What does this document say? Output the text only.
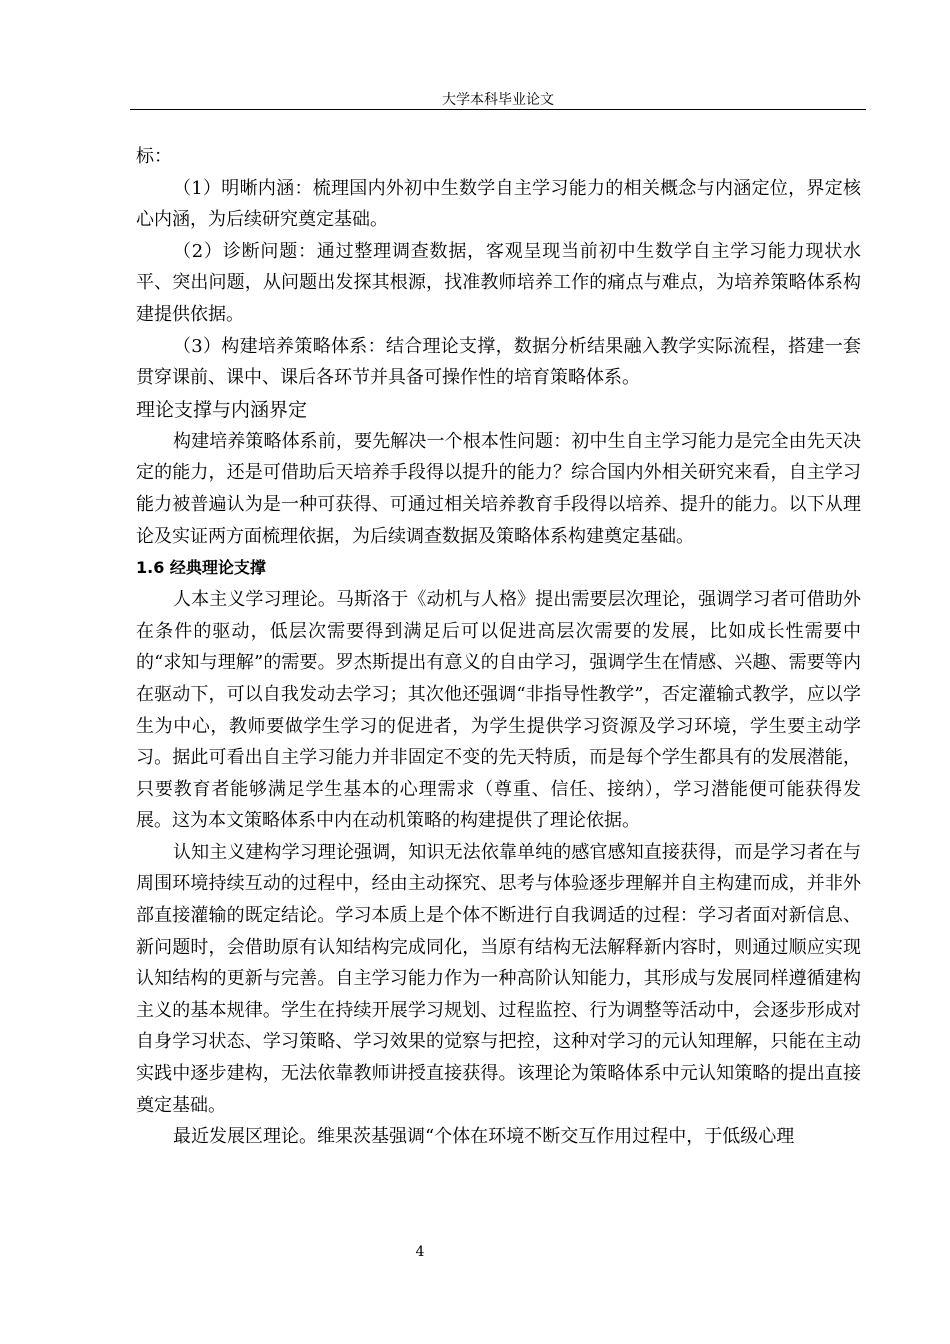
大学本科毕业论文

标：

（1）明晰内涵：梳理国内外初中生数学自主学习能力的相关概念与内涵定位，界定核心内涵，为后续研究奠定基础。

（2）诊断问题：通过整理调查数据，客观呈现当前初中生数学自主学习能力现状水平、突出问题，从问题出发探其根源，找准教师培养工作的痛点与难点，为培养策略体系构建提供依据。

（3）构建培养策略体系：结合理论支撑，数据分析结果融入教学实际流程，搭建一套贯穿课前、课中、课后各环节并具备可操作性的培育策略体系。

理论支撑与内涵界定

构建培养策略体系前，要先解决一个根本性问题：初中生自主学习能力是完全由先天决定的能力，还是可借助后天培养手段得以提升的能力？综合国内外相关研究来看，自主学习能力被普遍认为是一种可获得、可通过相关培养教育手段得以培养、提升的能力。以下从理论及实证两方面梳理依据，为后续调查数据及策略体系构建奠定基础。

1.6 经典理论支撑

人本主义学习理论。马斯洛于《动机与人格》提出需要层次理论，强调学习者可借助外在条件的驱动，低层次需要得到满足后可以促进高层次需要的发展，比如成长性需要中的“求知与理解”的需要。罗杰斯提出有意义的自由学习，强调学生在情感、兴趣、需要等内在驱动下，可以自我发动去学习；其次他还强调“非指导性教学”，否定灌输式教学，应以学生为中心，教师要做学生学习的促进者，为学生提供学习资源及学习环境，学生要主动学习。据此可看出自主学习能力并非固定不变的先天特质，而是每个学生都具有的发展潜能，只要教育者能够满足学生基本的心理需求（尊重、信任、接纳），学习潜能便可能获得发展。这为本文策略体系中内在动机策略的构建提供了理论依据。

认知主义建构学习理论强调，知识无法依靠单纯的感官感知直接获得，而是学习者在与周围环境持续互动的过程中，经由主动探究、思考与体验逐步理解并自主构建而成，并非外部直接灌输的既定结论。学习本质上是个体不断进行自我调适的过程：学习者面对新信息、新问题时，会借助原有认知结构完成同化，当原有结构无法解释新内容时，则通过顺应实现认知结构的更新与完善。自主学习能力作为一种高阶认知能力，其形成与发展同样遵循建构主义的基本规律。学生在持续开展学习规划、过程监控、行为调整等活动中，会逐步形成对自身学习状态、学习策略、学习效果的觉察与把控，这种对学习的元认知理解，只能在主动实践中逐步建构，无法依靠教师讲授直接获得。该理论为策略体系中元认知策略的提出直接奠定基础。

最近发展区理论。维果茨基强调“个体在环境不断交互作用过程中，于低级心理

4
